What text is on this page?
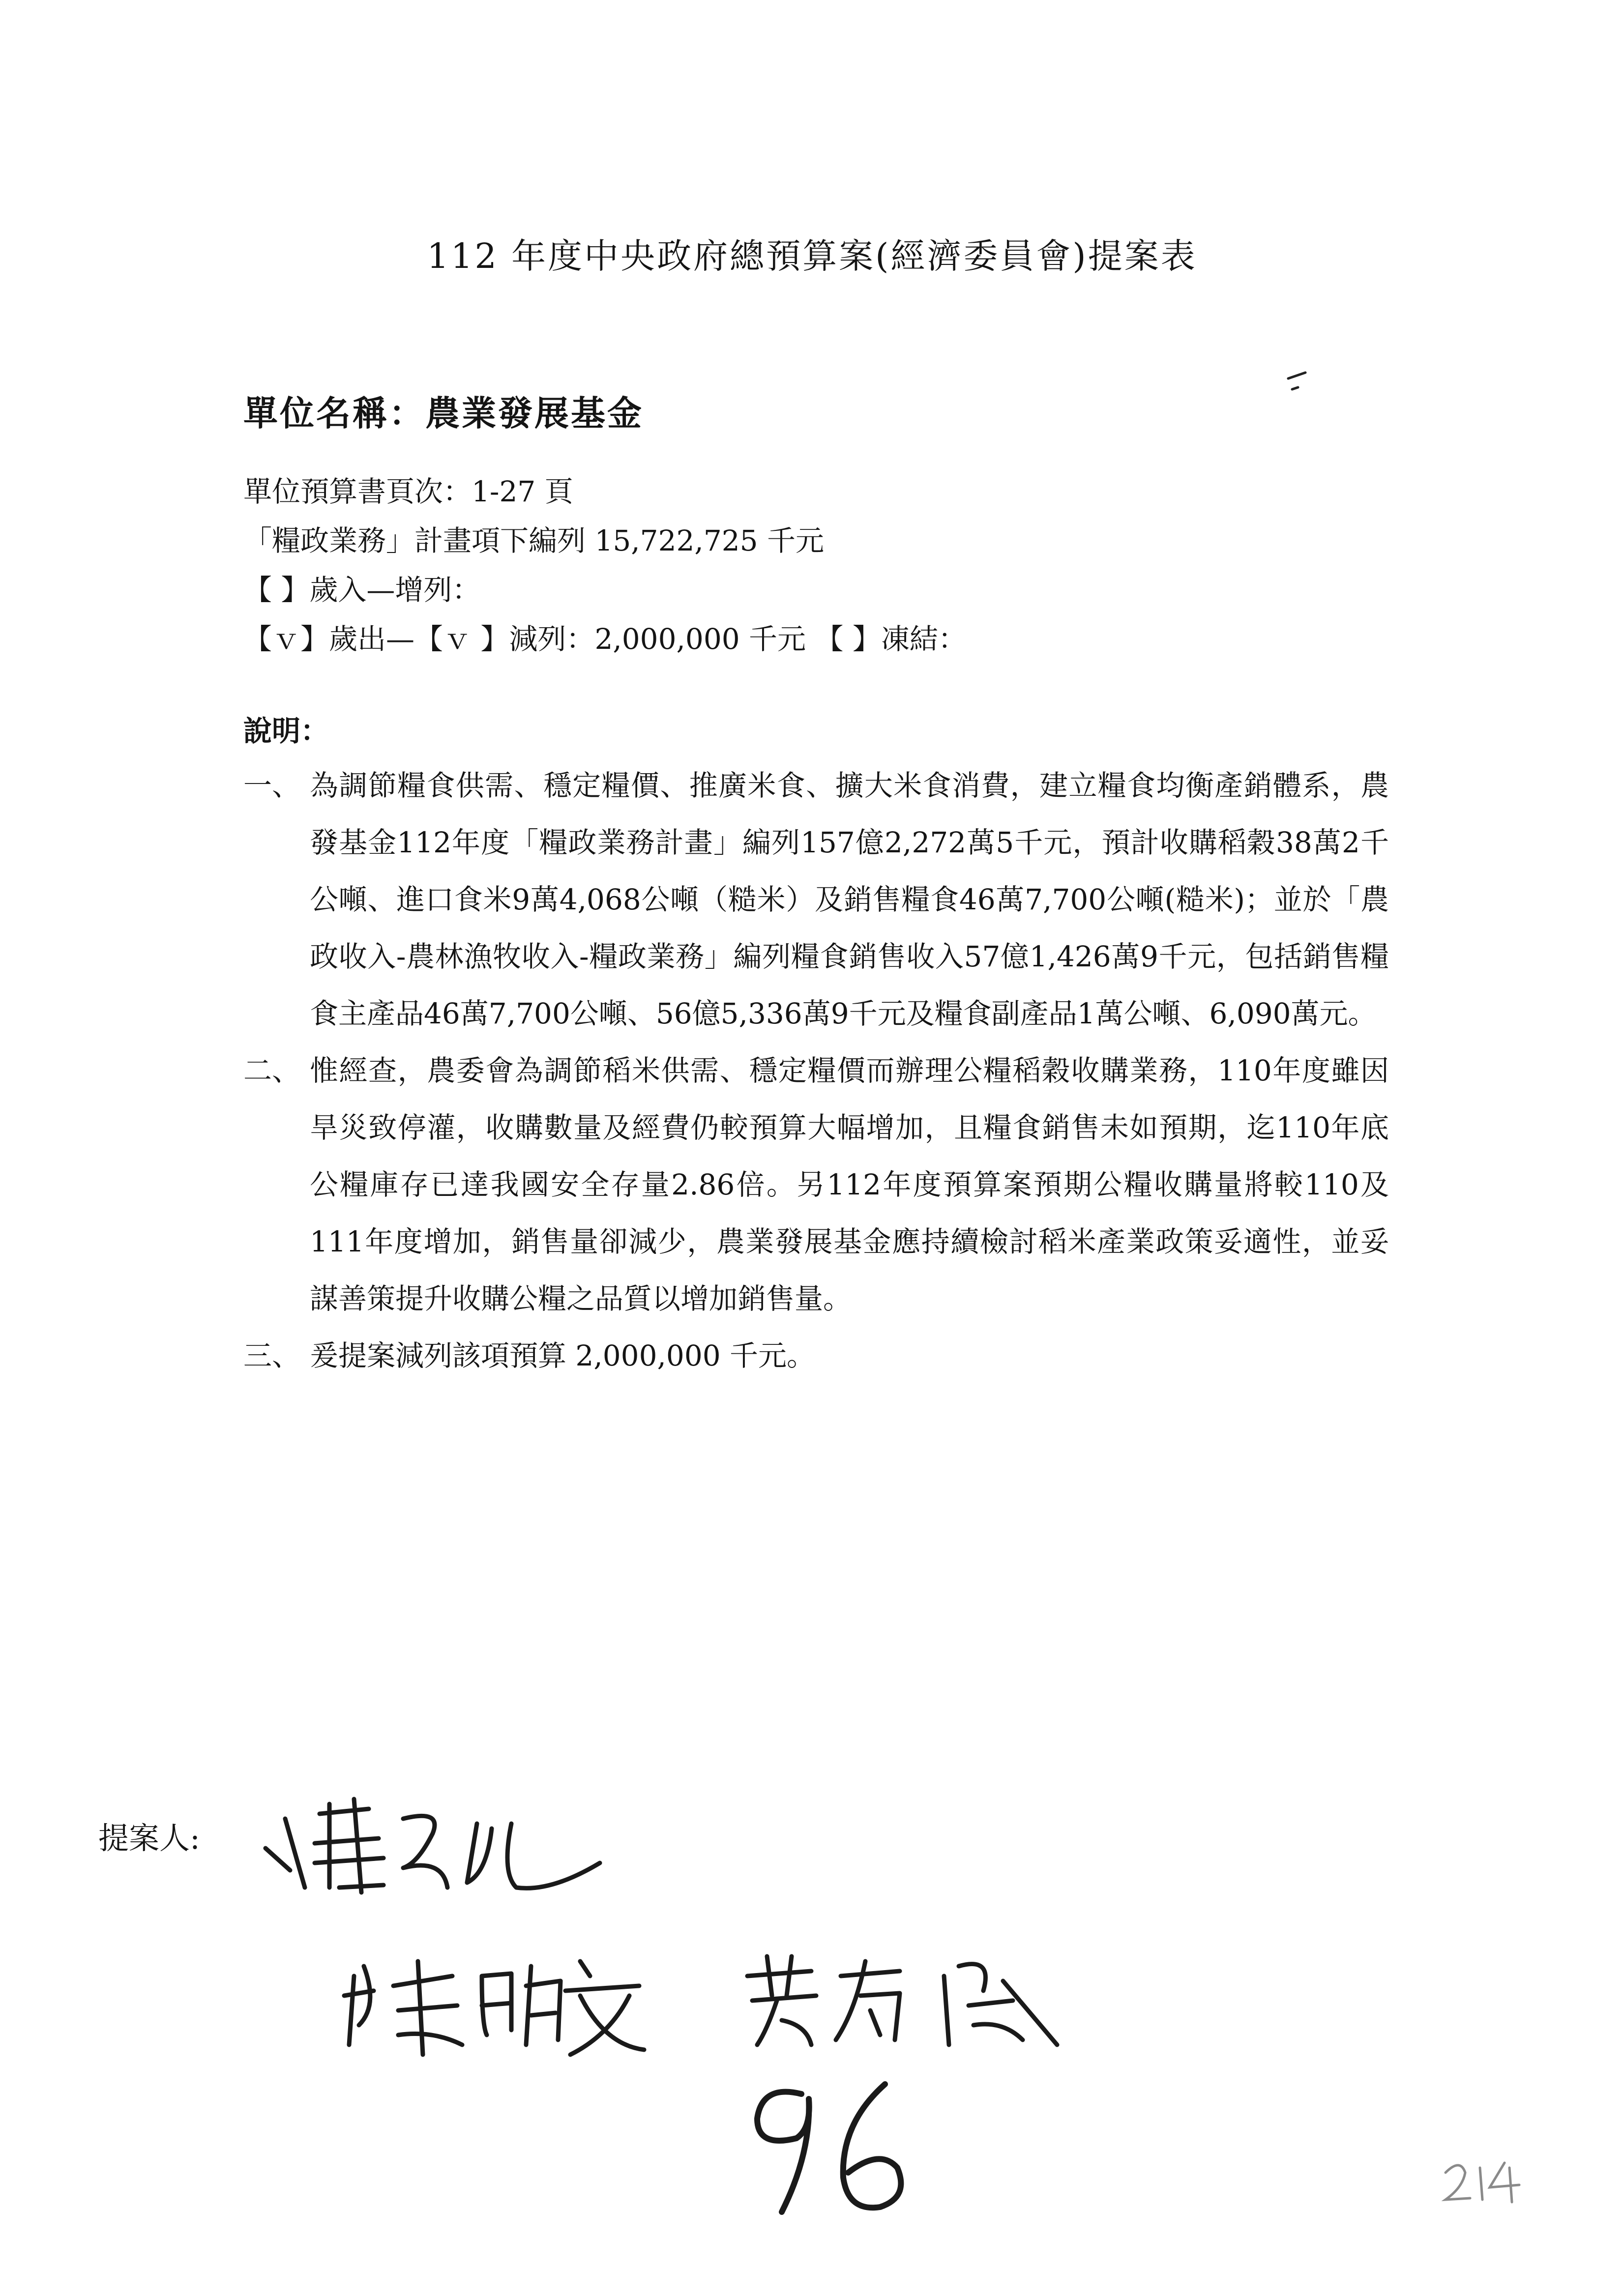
112 年度中央政府總預算案(經濟委員會)提案表
單位名稱：農業發展基金
單位預算書頁次：1-27 頁
「糧政業務」計畫項下編列 15,722,725 千元
【 】歲入—增列：
【ｖ】歲出—【ｖ 】減列：2,000,000 千元 【 】凍結：
說明：
一、 為調節糧食供需、穩定糧價、推廣米食、擴大米食消費，建立糧食均衡產銷體系，農發基金112年度「糧政業務計畫」編列157億2,272萬5千元，預計收購稻穀38萬2千公噸、進口食米9萬4,068公噸（糙米）及銷售糧食46萬7,700公噸(糙米)；並於「農政收入-農林漁牧收入-糧政業務」編列糧食銷售收入57億1,426萬9千元，包括銷售糧食主產品46萬7,700公噸、56億5,336萬9千元及糧食副產品1萬公噸、6,090萬元。
二、 惟經查，農委會為調節稻米供需、穩定糧價而辦理公糧稻穀收購業務，110年度雖因旱災致停灌，收購數量及經費仍較預算大幅增加，且糧食銷售未如預期，迄110年底公糧庫存已達我國安全存量2.86倍。另112年度預算案預期公糧收購量將較110及111年度增加，銷售量卻減少，農業發展基金應持續檢討稻米產業政策妥適性，並妥謀善策提升收購公糧之品質以增加銷售量。
三、 爰提案減列該項預算 2,000,000 千元。
提案人:
